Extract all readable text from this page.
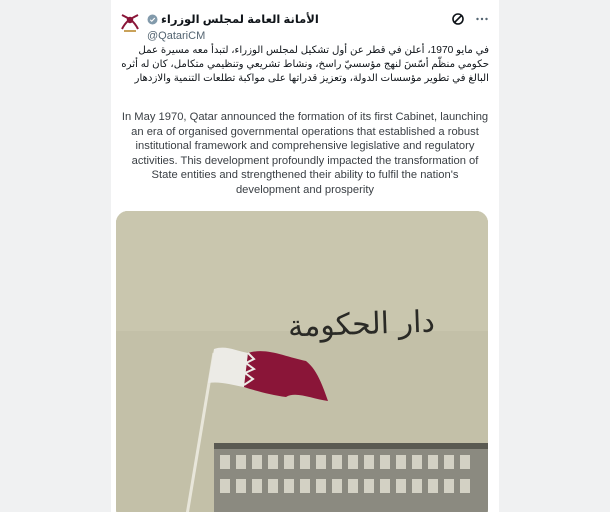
الأمانة العامة لمجلس الوزراء
@QatariCM
في مايو 1970، أعلن في قطر عن أول تشكيل لمجلس الوزراء، لتبدأ معه مسيرة عمل حكومي منظّم أسّسَ لنهج مؤسسيّ راسخ، ونشاط تشريعي وتنظيمي متكامل، كان له أثره البالغ في تطوير مؤسسات الدولة، وتعزيز قدراتها على مواكبة تطلعات التنمية والازدهار
In May 1970, Qatar announced the formation of its first Cabinet, launching an era of organised governmental operations that established a robust institutional framework and comprehensive legislative and regulatory activities. This development profoundly impacted the transformation of State entities and strengthened their ability to fulfil the nation's development and prosperity
دار الحكومة
